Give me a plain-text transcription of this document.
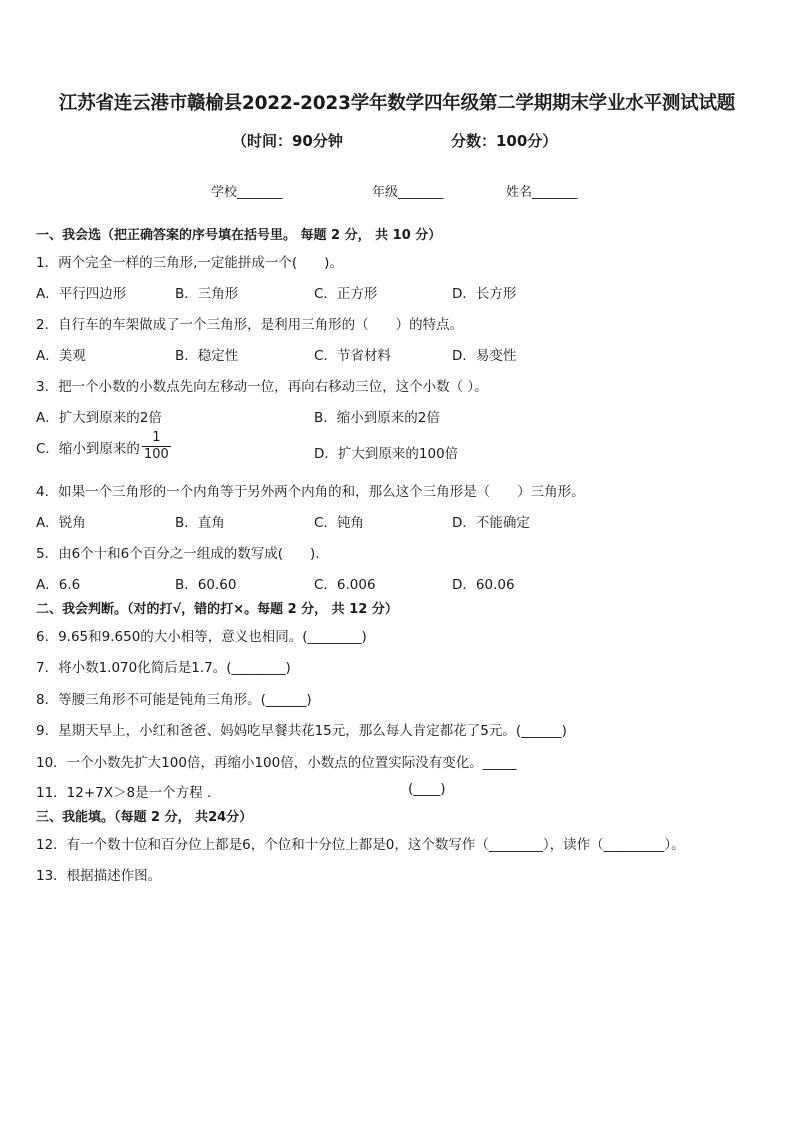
江苏省连云港市赣榆县2022-2023学年数学四年级第二学期期末学业水平测试试题
（时间：90分钟	分数：100分）
学校_______	年级_______	姓名_______
一、我会选（把正确答案的序号填在括号里。 每题 2 分， 共 10 分）
1．两个完全一样的三角形,一定能拼成一个(　　)。
A．平行四边形	B．三角形	C．正方形	D．长方形
2．自行车的车架做成了一个三角形，是利用三角形的（　　）的特点。
A．美观	B．稳定性	C．节省材料	D．易变性
3．把一个小数的小数点先向左移动一位，再向右移动三位，这个小数（ ）。
A．扩大到原来的2倍	B．缩小到原来的2倍
C．缩小到原来的 $\frac{1}{100}$	D．扩大到原来的100倍
4．如果一个三角形的一个内角等于另外两个内角的和，那么这个三角形是（　　）三角形。
A．锐角	B．直角	C．钝角	D．不能确定
5．由6个十和6个百分之一组成的数写成(　　).
A．6.6	B．60.60	C．6.006	D．60.06
二、我会判断。（对的打√，错的打×。每题 2 分， 共 12 分）
6．9.65和9.650的大小相等，意义也相同。(________)
7．将小数1.070化简后是1.7。(________)
8．等腰三角形不可能是钝角三角形。(______)
9．星期天早上，小红和爸爸、妈妈吃早餐共花15元，那么每人肯定都花了5元。(______)
10．一个小数先扩大100倍，再缩小100倍，小数点的位置实际没有变化。_____
11．12+7X＞8是一个方程 .	(____)
三、我能填。（每题 2 分， 共24分）
12．有一个数十位和百分位上都是6，个位和十分位上都是0，这个数写作（________），读作（_________）。
13．根据描述作图。
